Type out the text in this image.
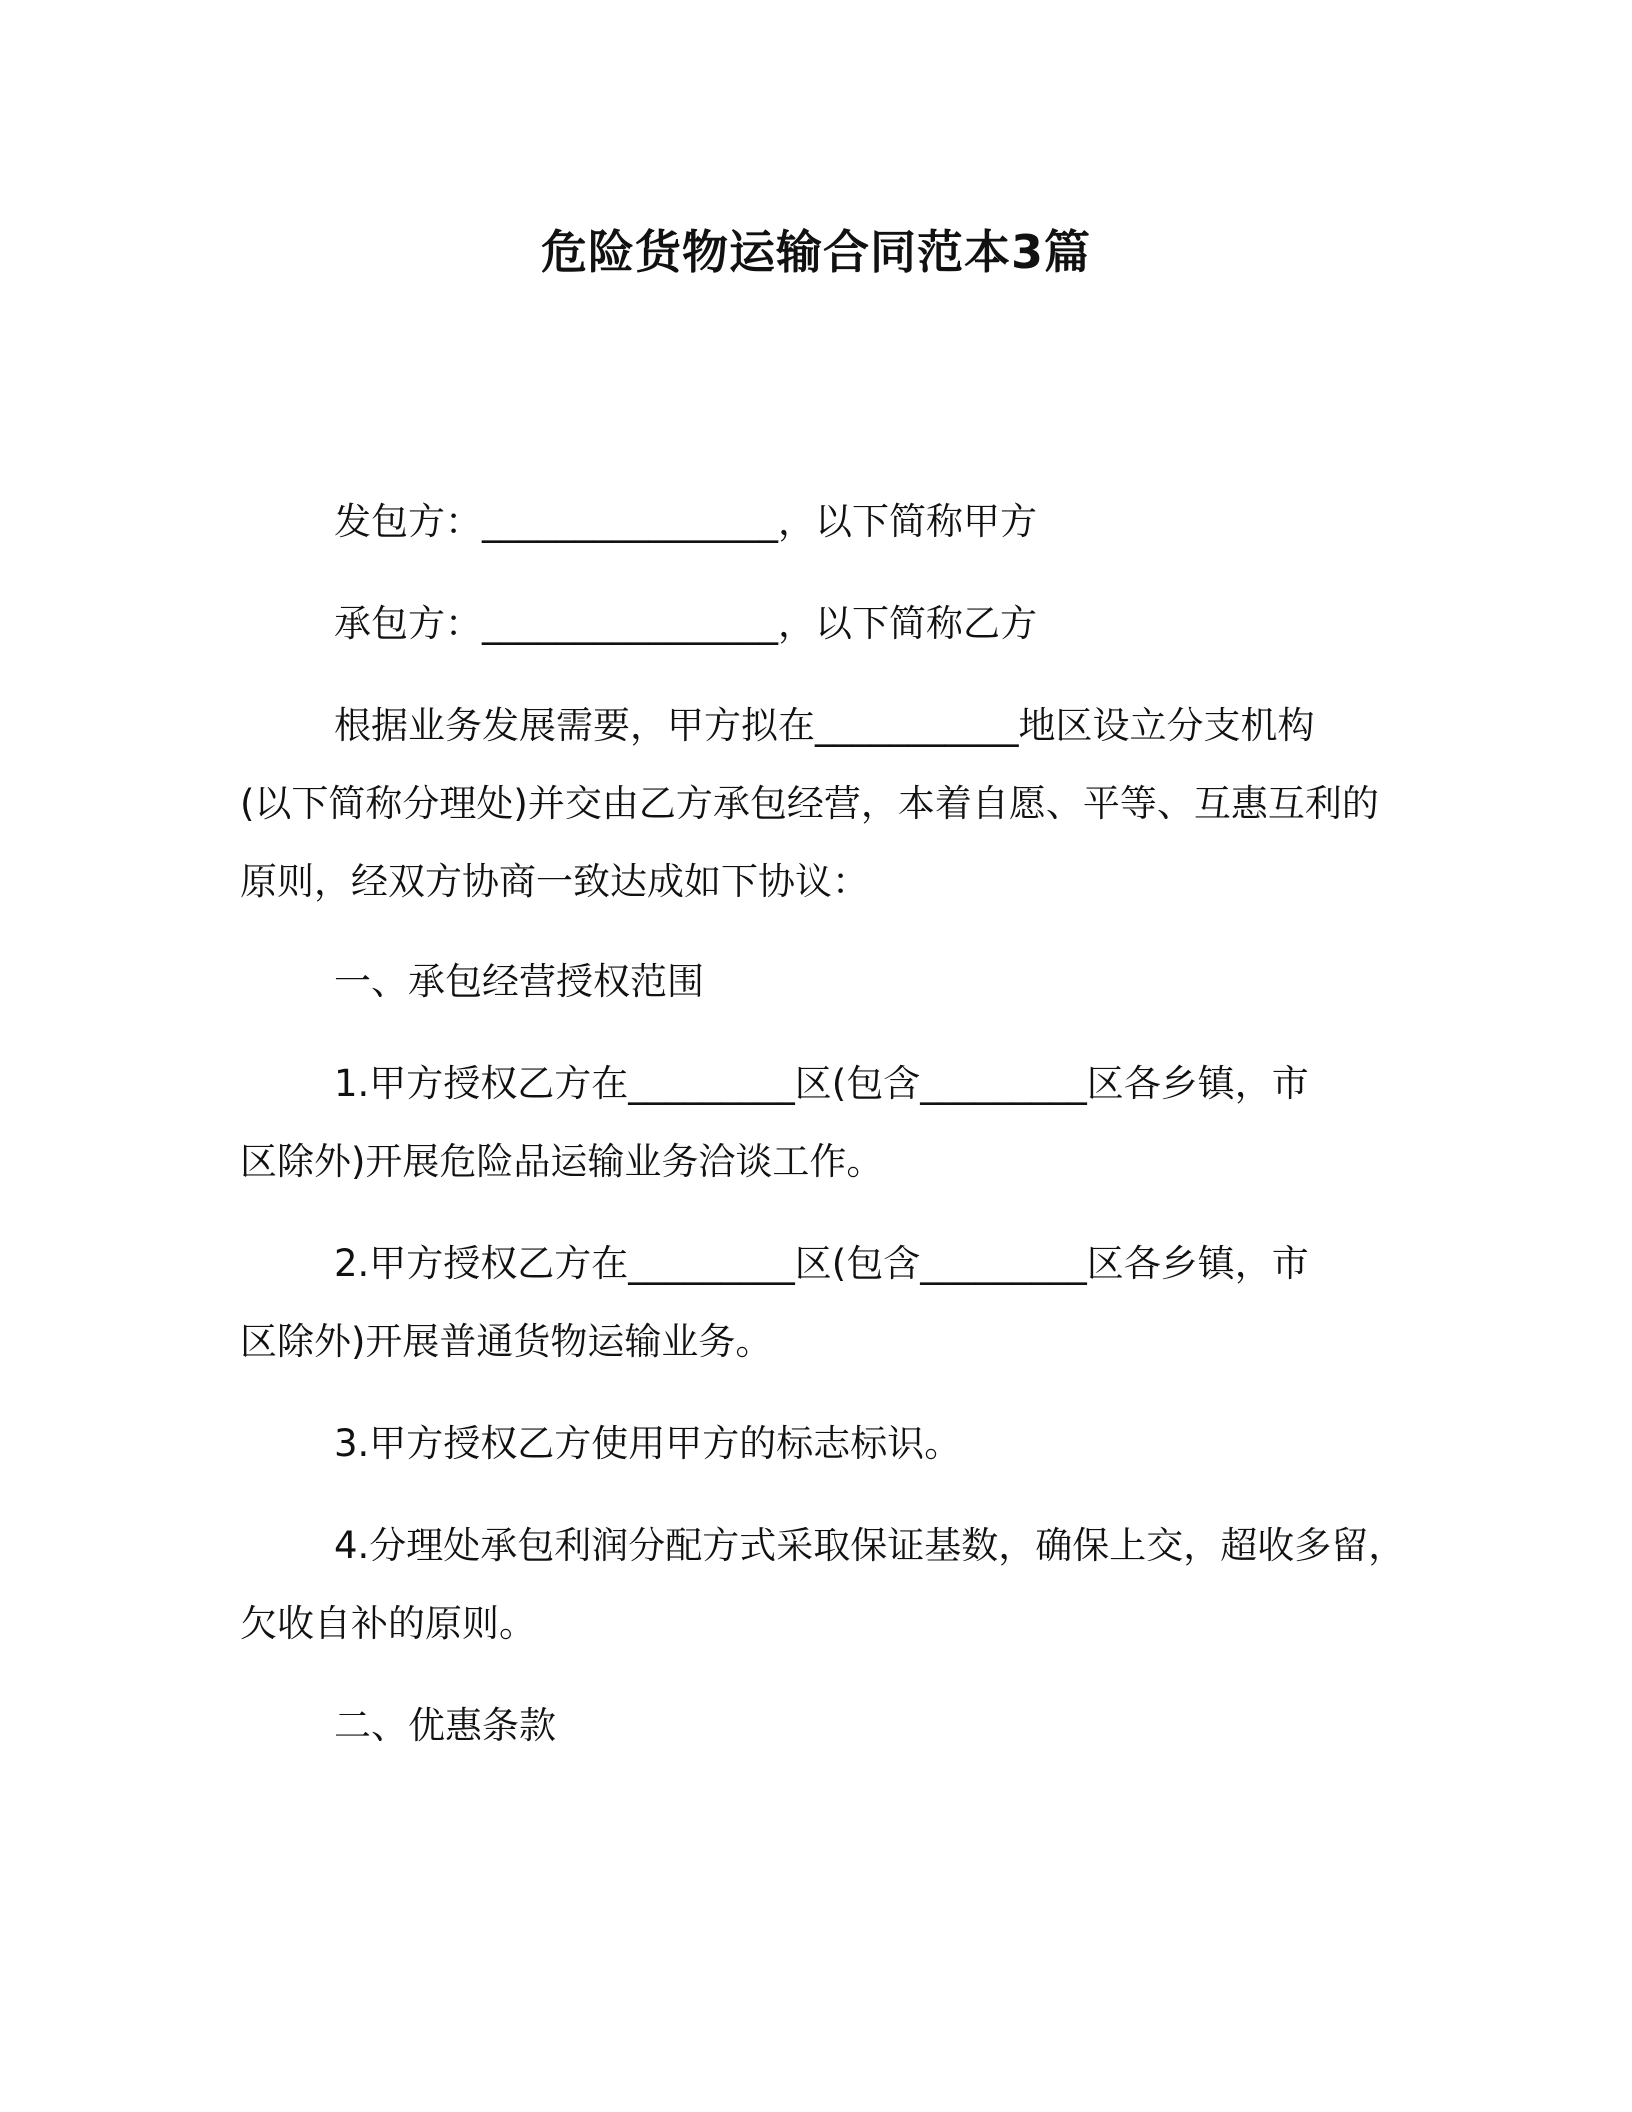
危险货物运输合同范本3篇
发包方：________________，以下简称甲方
承包方：________________，以下简称乙方
根据业务发展需要，甲方拟在___________地区设立分支机构
(以下简称分理处)并交由乙方承包经营，本着自愿、平等、互惠互利的
原则，经双方协商一致达成如下协议：
一、承包经营授权范围
1.甲方授权乙方在_________区(包含_________区各乡镇，市
区除外)开展危险品运输业务洽谈工作。
2.甲方授权乙方在_________区(包含_________区各乡镇，市
区除外)开展普通货物运输业务。
3.甲方授权乙方使用甲方的标志标识。
4.分理处承包利润分配方式采取保证基数，确保上交，超收多留，
欠收自补的原则。
二、优惠条款
